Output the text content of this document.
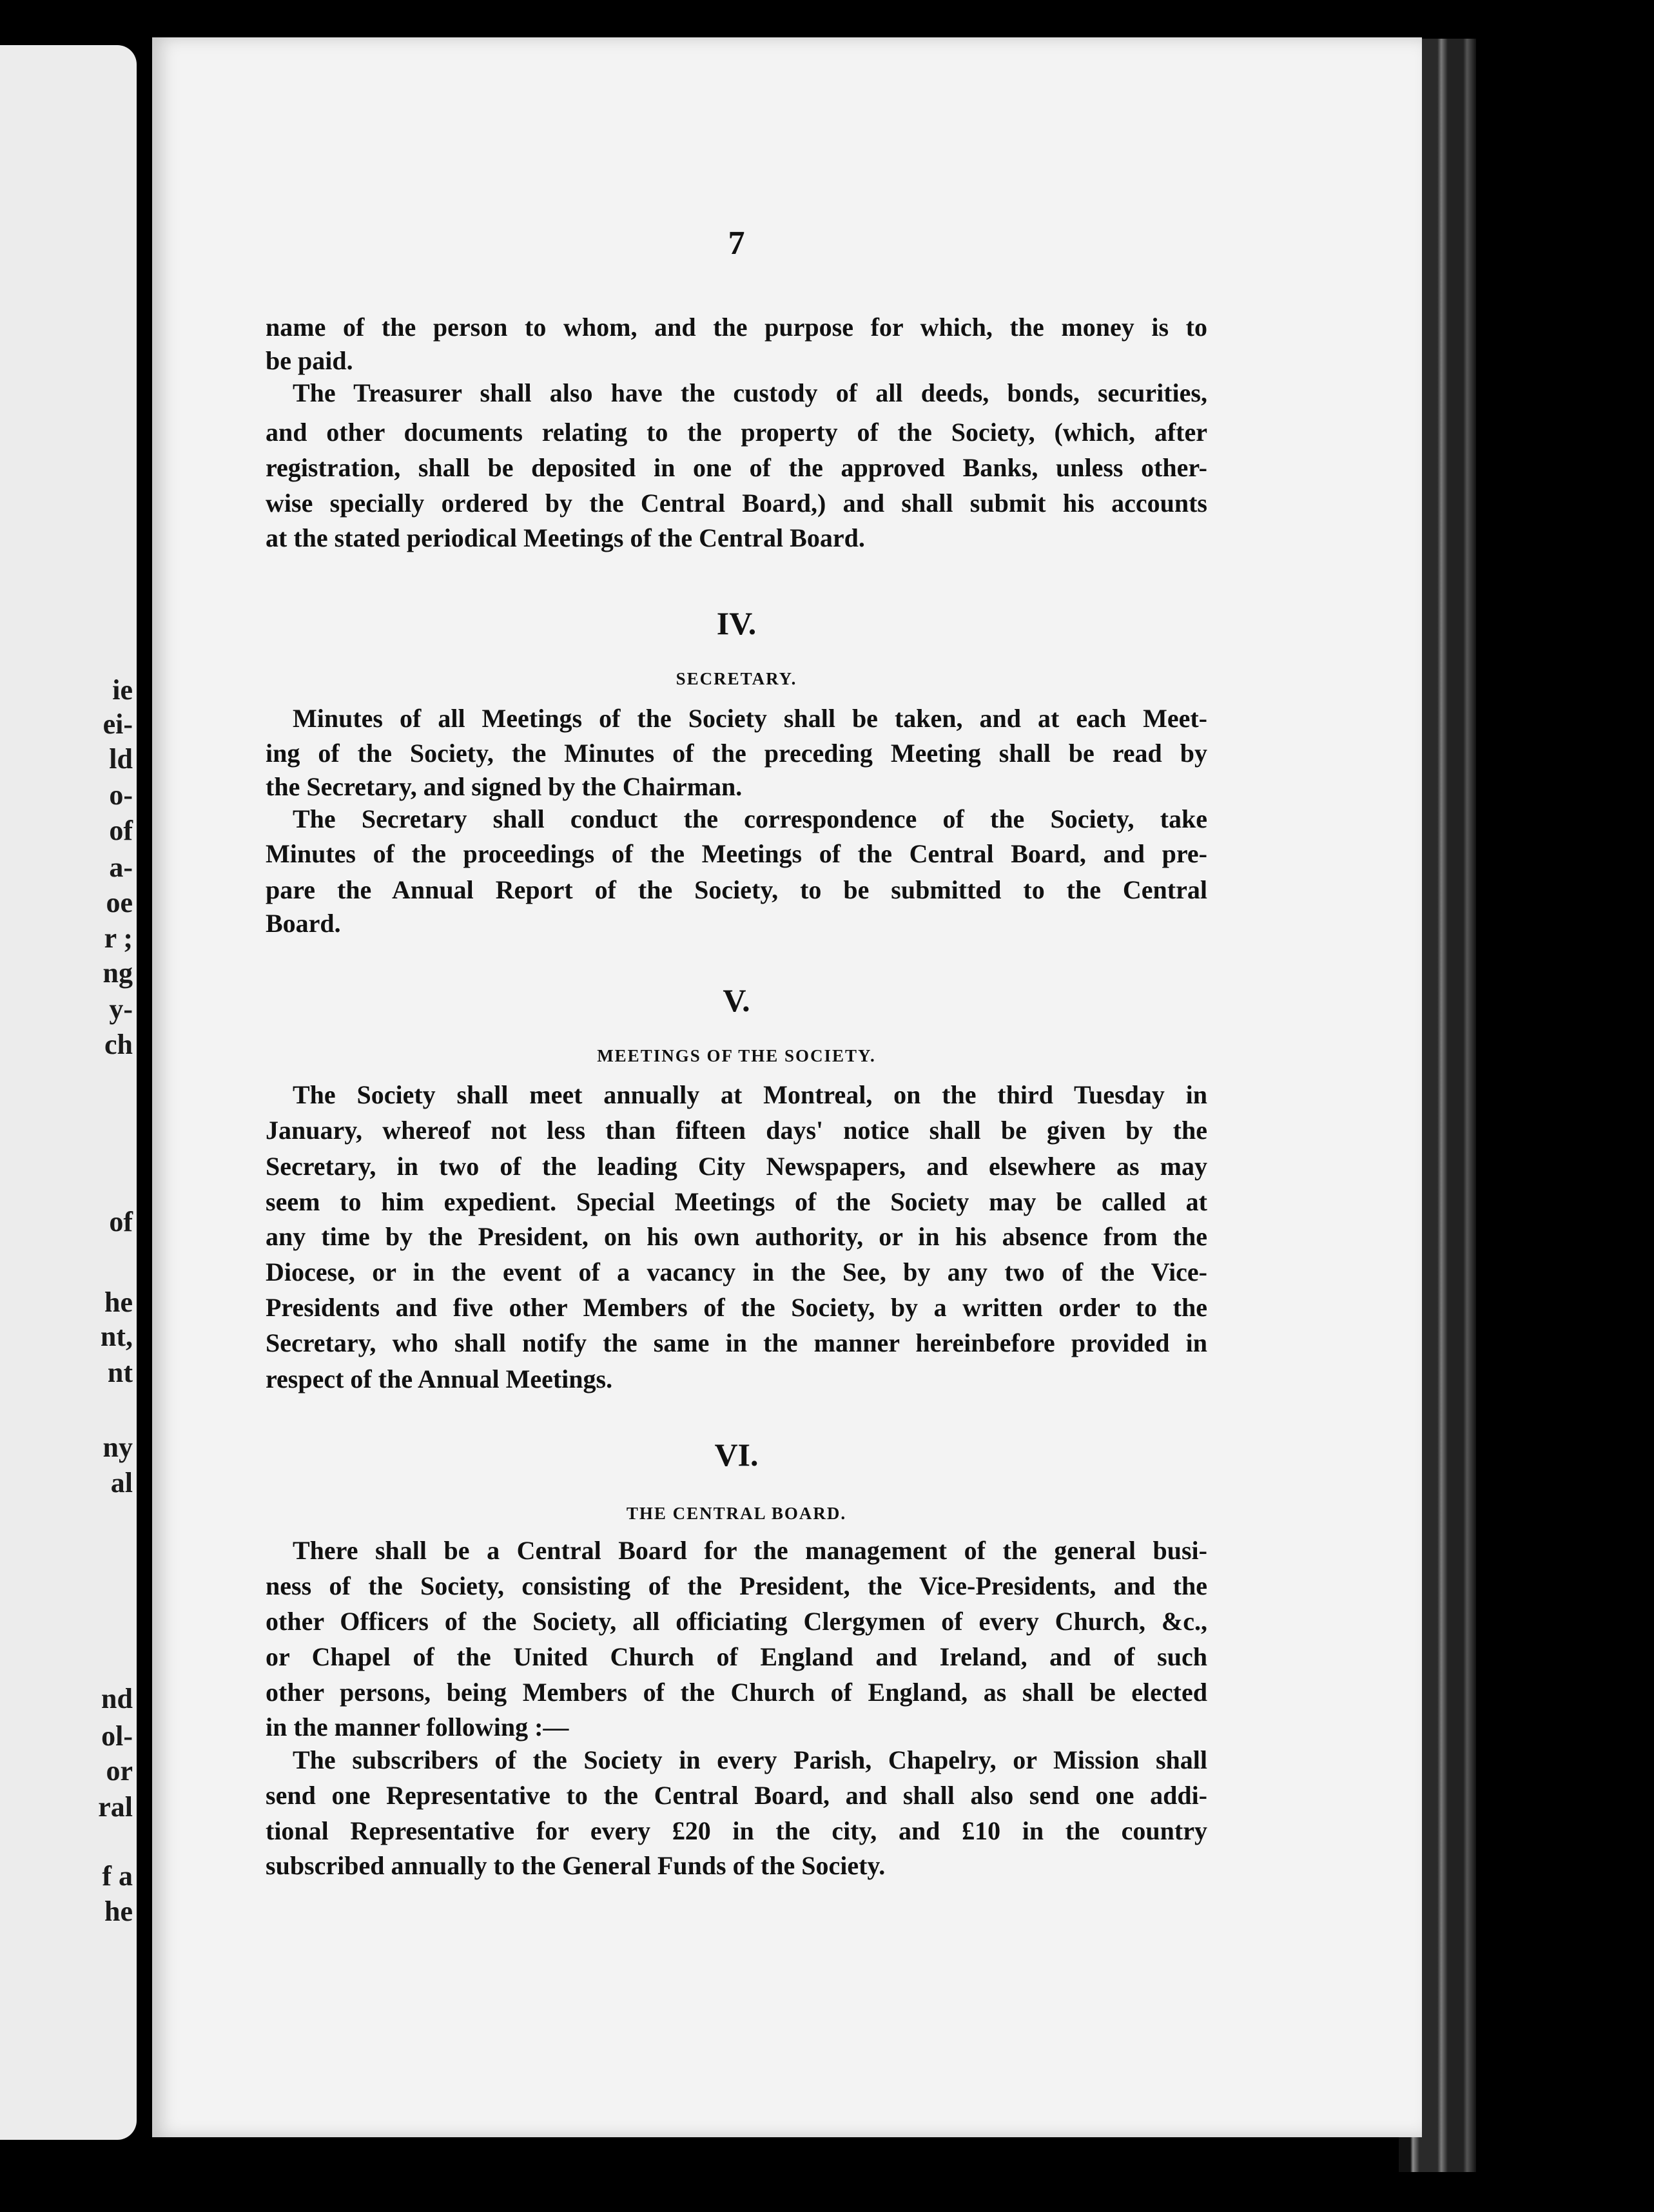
ie
ei-
ld
o-
of
a-
oe
r ;
ng
y-
ch
of
he
nt,
nt
ny
al
nd
ol-
or
ral
f a
he
7
name of the person to whom, and the purpose for which, the money is to
be paid.
The Treasurer shall also have the custody of all deeds, bonds, securities,
and other documents relating to the property of the Society, (which, after
registration, shall be deposited in one of the approved Banks, unless other-
wise specially ordered by the Central Board,) and shall submit his accounts
at the stated periodical Meetings of the Central Board.
IV.
SECRETARY.
Minutes of all Meetings of the Society shall be taken, and at each Meet-
ing of the Society, the Minutes of the preceding Meeting shall be read by
the Secretary, and signed by the Chairman.
The Secretary shall conduct the correspondence of the Society, take
Minutes of the proceedings of the Meetings of the Central Board, and pre-
pare the Annual Report of the Society, to be submitted to the Central
Board.
V.
MEETINGS OF THE SOCIETY.
The Society shall meet annually at Montreal, on the third Tuesday in
January, whereof not less than fifteen days' notice shall be given by the
Secretary, in two of the leading City Newspapers, and elsewhere as may
seem to him expedient. Special Meetings of the Society may be called at
any time by the President, on his own authority, or in his absence from the
Diocese, or in the event of a vacancy in the See, by any two of the Vice-
Presidents and five other Members of the Society, by a written order to the
Secretary, who shall notify the same in the manner hereinbefore provided in
respect of the Annual Meetings.
VI.
THE CENTRAL BOARD.
There shall be a Central Board for the management of the general busi-
ness of the Society, consisting of the President, the Vice-Presidents, and the
other Officers of the Society, all officiating Clergymen of every Church, &c.,
or Chapel of the United Church of England and Ireland, and of such
other persons, being Members of the Church of England, as shall be elected
in the manner following :—
The subscribers of the Society in every Parish, Chapelry, or Mission shall
send one Representative to the Central Board, and shall also send one addi-
tional Representative for every £20 in the city, and £10 in the country
subscribed annually to the General Funds of the Society.
